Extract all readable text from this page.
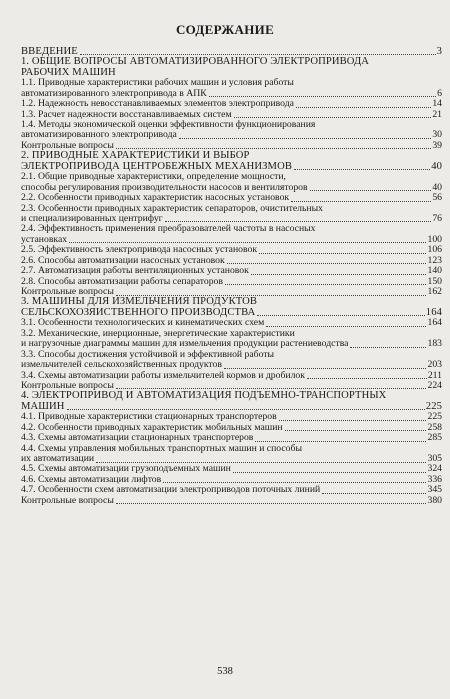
СОДЕРЖАНИЕ
ВВЕДЕНИЕ	3
1. ОБЩИЕ ВОПРОСЫ АВТОМАТИЗИРОВАННОГО ЭЛЕКТРОПРИВОДА
РАБОЧИХ МАШИН
1.1. Приводные характеристики рабочих машин и условия работы
автоматизированного электропривода в АПК	6
1.2. Надежность невосстанавливаемых элементов электропривода	14
1.3. Расчет надежности восстанавливаемых систем	21
1.4. Методы экономической оценки эффективности функционирования
автоматизированного электропривода	30
Контрольные вопросы	39
2. ПРИВОДНЫЕ ХАРАКТЕРИСТИКИ И ВЫБОР
ЭЛЕКТРОПРИВОДА ЦЕНТРОБЕЖНЫХ МЕХАНИЗМОВ	40
2.1. Общие приводные характеристики, определение мощности,
способы регулирования производительности насосов и вентиляторов	40
2.2. Особенности приводных характеристик насосных установок	56
2.3. Особенности приводных характеристик сепараторов, очистительных
и специализированных центрифуг	76
2.4. Эффективность применения преобразователей частоты в насосных
установках	100
2.5. Эффективность электропривода насосных установок	106
2.6. Способы автоматизации насосных установок	123
2.7. Автоматизация работы вентиляционных установок	140
2.8. Способы автоматизации работы сепараторов	150
Контрольные вопросы	162
3. МАШИНЫ ДЛЯ ИЗМЕЛЬЧЕНИЯ ПРОДУКТОВ
СЕЛЬСКОХОЗЯЙСТВЕННОГО ПРОИЗВОДСТВА	164
3.1. Особенности технологических и кинематических схем	164
3.2. Механические, инерционные, энергетические характеристики
и нагрузочные диаграммы машин для измельчения продукции растениеводства	183
3.3. Способы достижения устойчивой и эффективной работы
измельчителей сельскохозяйственных продуктов	203
3.4. Схемы автоматизации работы измельчителей кормов и дробилок	211
Контрольные вопросы	224
4. ЭЛЕКТРОПРИВОД И АВТОМАТИЗАЦИЯ ПОДЪЕМНО-ТРАНСПОРТНЫХ
МАШИН	225
4.1. Приводные характеристики стационарных транспортеров	225
4.2. Особенности приводных характеристик мобильных машин	258
4.3. Схемы автоматизации стационарных транспортеров	285
4.4. Схемы управления мобильных транспортных машин и способы
их автоматизации	305
4.5. Схемы автоматизации грузоподъемных машин	324
4.6. Схемы автоматизации лифтов	336
4.7. Особенности схем автоматизации электроприводов поточных линий	345
Контрольные вопросы	380
538
